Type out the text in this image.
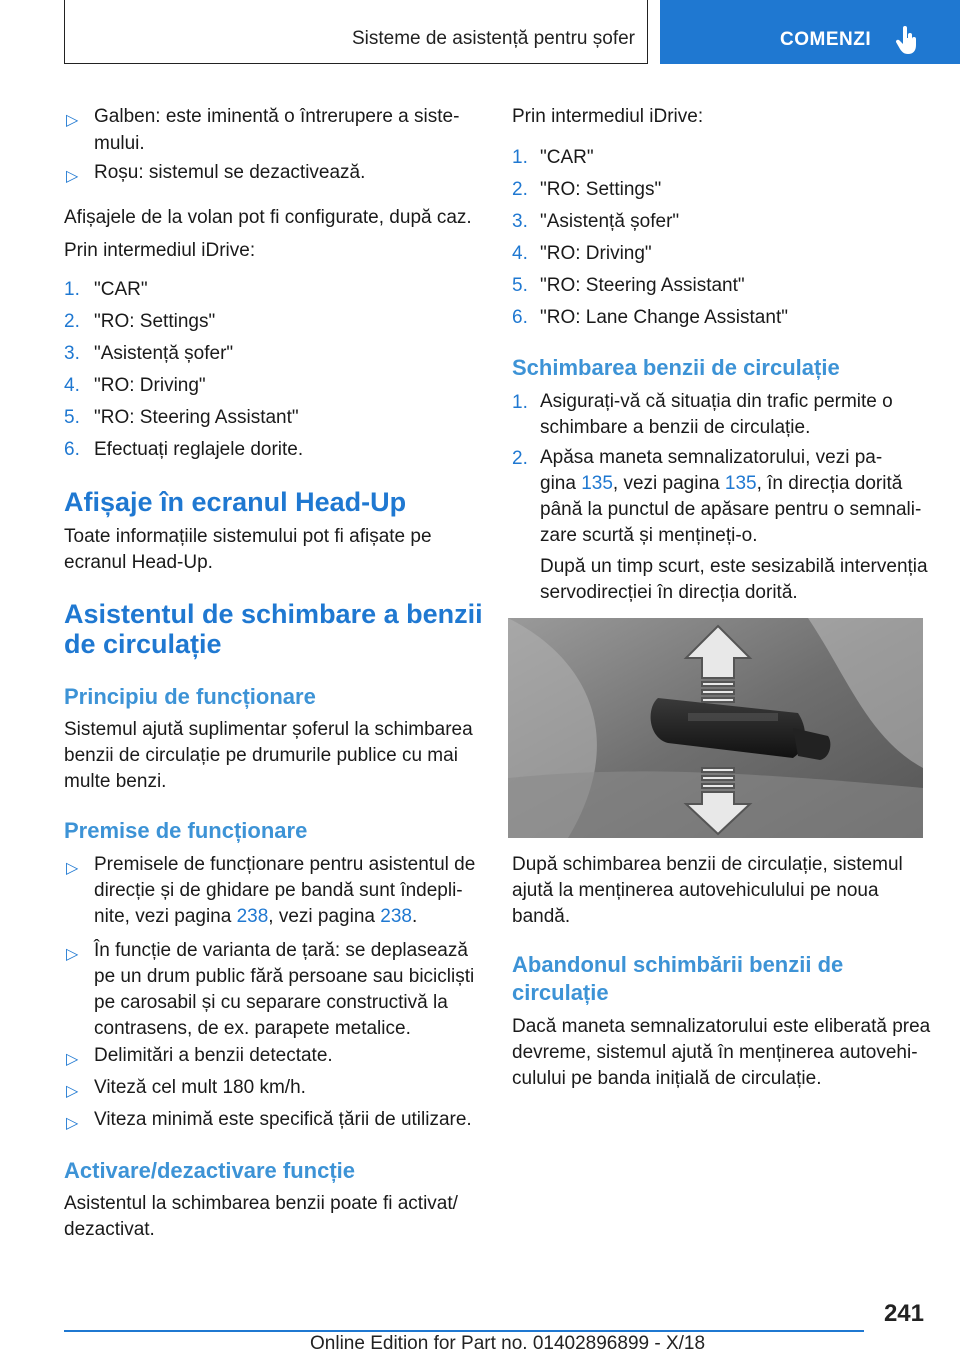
Sisteme de asistență pentru șofer	COMENZI
▷ Galben: este iminentă o întrerupere a siste-
mului.
▷ Roșu: sistemul se dezactivează.
Afișajele de la volan pot fi configurate, după caz.
Prin intermediul iDrive:
1. "CAR"
2. "RO: Settings"
3. "Asistență șofer"
4. "RO: Driving"
5. "RO: Steering Assistant"
6. Efectuați reglajele dorite.
Afișaje în ecranul Head-Up
Toate informațiile sistemului pot fi afișate pe
ecranul Head-Up.
Asistentul de schimbare a benzii
de circulație
Principiu de funcționare
Sistemul ajută suplimentar șoferul la schimbarea
benzii de circulație pe drumurile publice cu mai
multe benzi.
Premise de funcționare
▷ Premisele de funcționare pentru asistentul de
direcție și de ghidare pe bandă sunt îndepli-
nite, vezi pagina 238, vezi pagina 238.
▷ În funcție de varianta de țară: se deplasează
pe un drum public fără persoane sau bicicliști
pe carosabil și cu separare constructivă la
contrasens, de ex. parapete metalice.
▷ Delimitări a benzii detectate.
▷ Viteză cel mult 180 km/h.
▷ Viteza minimă este specifică țării de utilizare.
Activare/dezactivare funcție
Asistentul la schimbarea benzii poate fi activat/
dezactivat.
Prin intermediul iDrive:
1. "CAR"
2. "RO: Settings"
3. "Asistență șofer"
4. "RO: Driving"
5. "RO: Steering Assistant"
6. "RO: Lane Change Assistant"
Schimbarea benzii de circulație
1. Asigurați-vă că situația din trafic permite o
schimbare a benzii de circulație.
2. Apăsa maneta semnalizatorului, vezi pa-
gina 135, vezi pagina 135, în direcția dorită
până la punctul de apăsare pentru o semnali-
zare scurtă și mențineți-o.
După un timp scurt, este sesizabilă intervenția
servodirecției în direcția dorită.
După schimbarea benzii de circulație, sistemul
ajută la menținerea autovehiculului pe noua
bandă.
Abandonul schimbării benzii de
circulație
Dacă maneta semnalizatorului este eliberată prea
devreme, sistemul ajută în menținerea autovehi-
culului pe banda inițială de circulație.
241
Online Edition for Part no. 01402896899 - X/18
